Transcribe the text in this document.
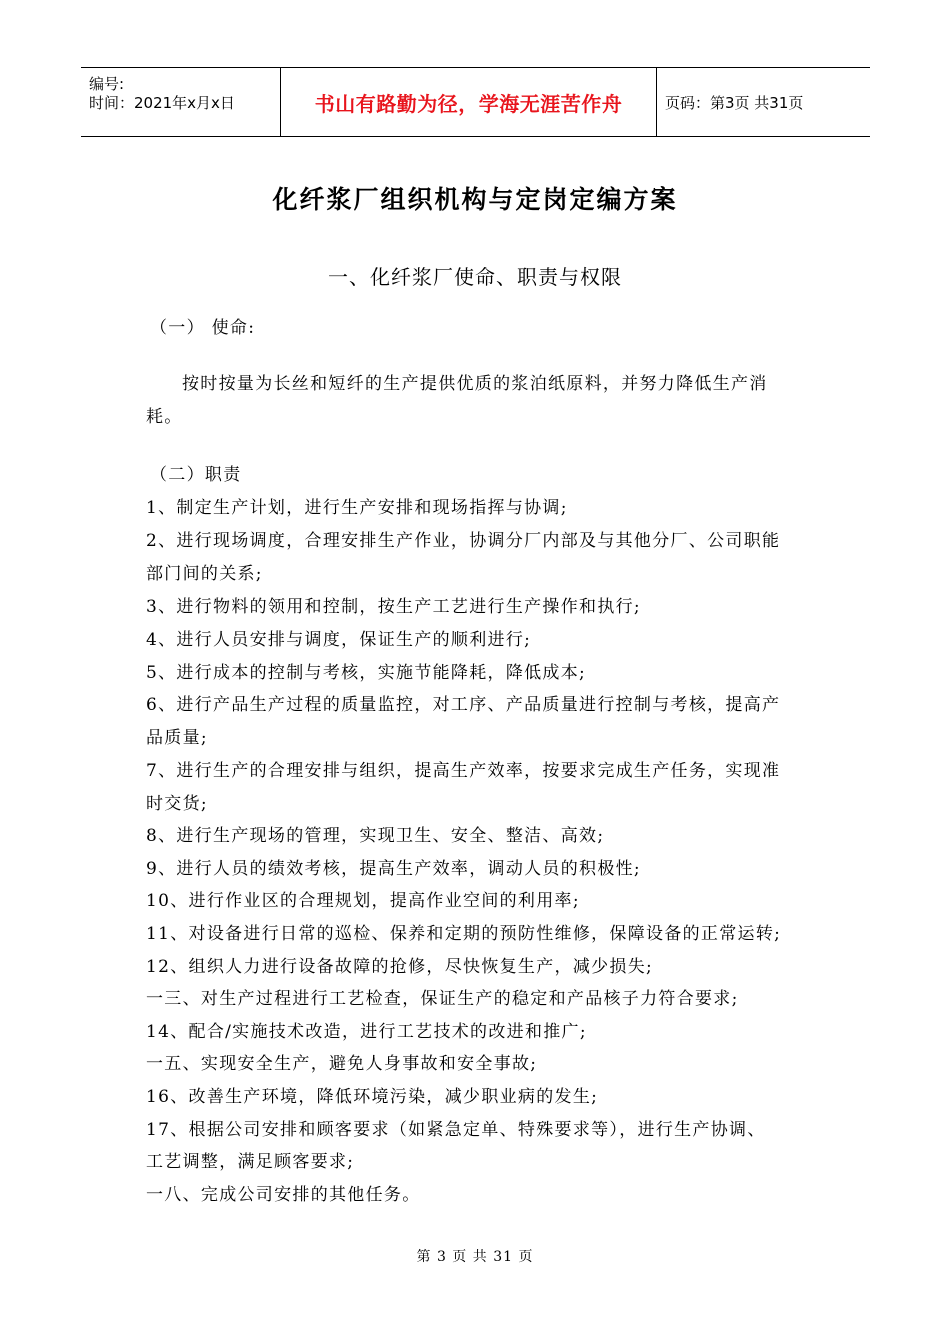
编号:
时间：2021年x月x日	书山有路勤为径，学海无涯苦作舟	页码：第3页 共31页
化纤浆厂组织机构与定岗定编方案
一、化纤浆厂使命、职责与权限
（一） 使命:
按时按量为长丝和短纤的生产提供优质的浆泊纸原料，并努力降低生产消
耗。
（二）职责
1、制定生产计划，进行生产安排和现场指挥与协调;
2、进行现场调度，合理安排生产作业，协调分厂内部及与其他分厂、公司职能
部门间的关系;
3、进行物料的领用和控制，按生产工艺进行生产操作和执行;
4、进行人员安排与调度，保证生产的顺利进行;
5、进行成本的控制与考核，实施节能降耗，降低成本;
6、进行产品生产过程的质量监控，对工序、产品质量进行控制与考核，提高产
品质量;
7、进行生产的合理安排与组织，提高生产效率，按要求完成生产任务，实现准
时交货;
8、进行生产现场的管理，实现卫生、安全、整洁、高效;
9、进行人员的绩效考核，提高生产效率，调动人员的积极性;
10、进行作业区的合理规划，提高作业空间的利用率;
11、对设备进行日常的巡检、保养和定期的预防性维修，保障设备的正常运转;
12、组织人力进行设备故障的抢修，尽快恢复生产，减少损失;
一三、对生产过程进行工艺检查，保证生产的稳定和产品核子力符合要求;
14、配合/实施技术改造，进行工艺技术的改进和推广;
一五、实现安全生产，避免人身事故和安全事故;
16、改善生产环境，降低环境污染，减少职业病的发生;
17、根据公司安排和顾客要求（如紧急定单、特殊要求等），进行生产协调、
工艺调整，满足顾客要求;
一八、完成公司安排的其他任务。
第 3 页 共 31 页
